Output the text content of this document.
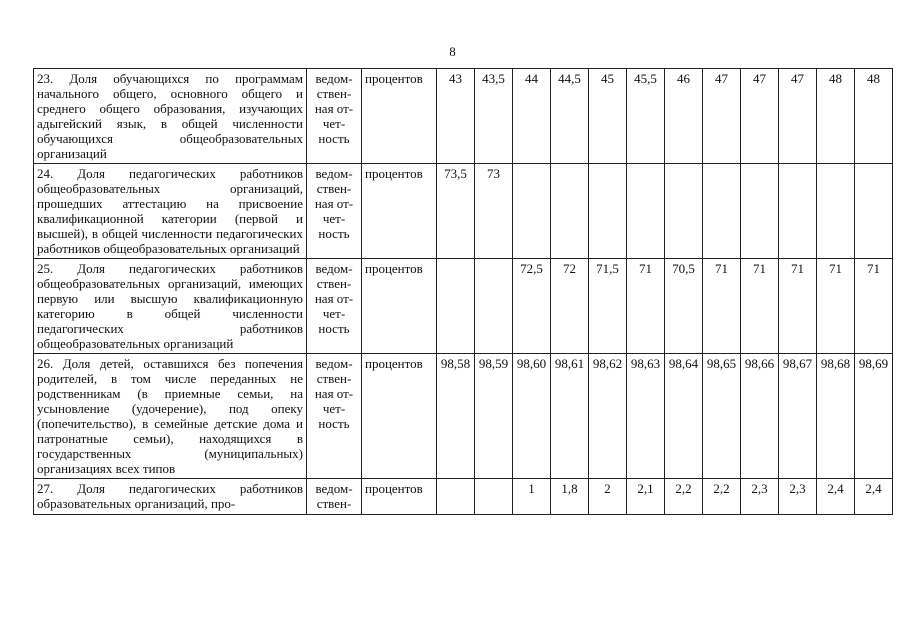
8
23. Доля обучающихся по программам начального общего, основного общего и среднего общего образования, изучающих адыгейский язык, в общей численности обучающихся общеобразовательных организаций	ведом-ствен-ная от-чет-ность	процентов	43	43,5	44	44,5	45	45,5	46	47	47	47	48	48
24. Доля педагогических работников общеобразовательных организаций, прошедших аттестацию на присвоение квалификационной категории (первой и высшей), в общей численности педагогических работников общеобразовательных организаций	ведом-ствен-ная от-чет-ность	процентов	73,5	73										
25. Доля педагогических работников общеобразовательных организаций, имеющих первую или высшую квалификационную категорию в общей численности педагогических работников общеобразовательных организаций	ведом-ствен-ная от-чет-ность	процентов			72,5	72	71,5	71	70,5	71	71	71	71	71
26. Доля детей, оставшихся без попечения родителей, в том числе переданных не родственникам (в приемные семьи, на усыновление (удочерение), под опеку (попечительство), в семейные детские дома и патронатные семьи), находящихся в государственных (муниципальных) организациях всех типов	ведом-ствен-ная от-чет-ность	процентов	98,58	98,59	98,60	98,61	98,62	98,63	98,64	98,65	98,66	98,67	98,68	98,69
27. Доля педагогических работников образовательных организаций, про-	ведом-ствен-	процентов			1	1,8	2	2,1	2,2	2,2	2,3	2,3	2,4	2,4
